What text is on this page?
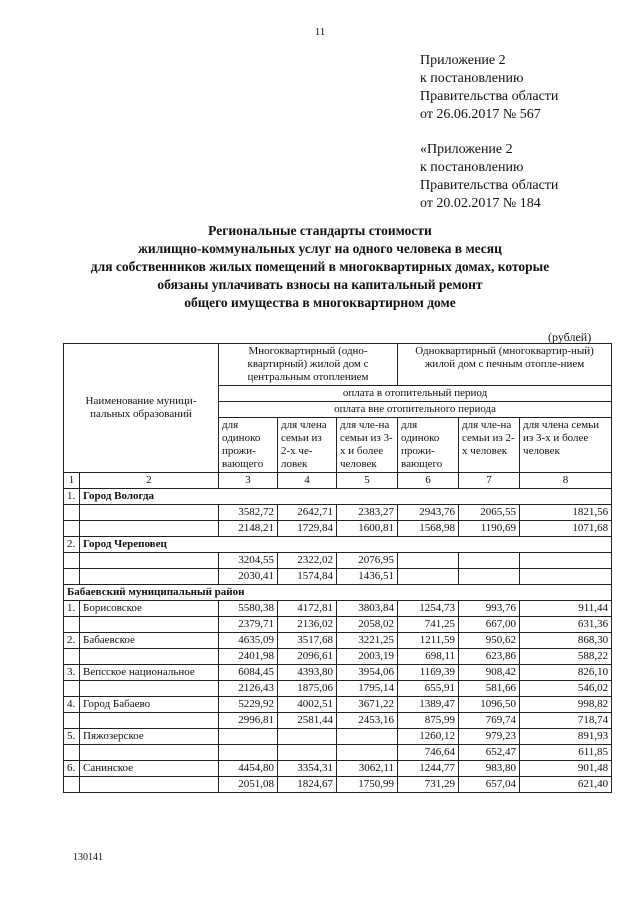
11
Приложение 2
к постановлению
Правительства области
от 26.06.2017 № 567
«Приложение 2
к постановлению
Правительства области
от 20.02.2017 № 184
Региональные стандарты стоимости
жилищно-коммунальных услуг на одного человека в месяц
для собственников жилых помещений в многоквартирных домах, которые
обязаны уплачивать взносы на капитальный ремонт
общего имущества в многоквартирном доме
(рублей)
Наименование муници-пальных образований		Многоквартирный (одно-квартирный) жилой дом с центральным отоплением			Одноквартирный (многоквартир-ный) жилой дом с печным отопле-нием		
		оплата в отопительный период					
		оплата вне отопительного периода					
		для одиноко прожи-вающего	для члена семьи из 2-х че-ловек	для чле-на семьи из 3-х и более человек	для одиноко прожи-вающего	для чле-на семьи из 2-х человек	для члена семьи из 3-х и более человек
1	2	3	4	5	6	7	8
1.	Город Вологда						
		3582,72	2642,71	2383,27	2943,76	2065,55	1821,56
		2148,21	1729,84	1600,81	1568,98	1190,69	1071,68
2.	Город Череповец						
		3204,55	2322,02	2076,95			
		2030,41	1574,84	1436,51			
Бабаевский муниципальный район							
1.	Борисовское	5580,38	4172,81	3803,84	1254,73	993,76	911,44
		2379,71	2136,02	2058,02	741,25	667,00	631,36
2.	Бабаевское	4635,09	3517,68	3221,25	1211,59	950,62	868,30
		2401,98	2096,61	2003,19	698,11	623,86	588,22
3.	Вепсское национальное	6084,45	4393,80	3954,06	1169,39	908,42	826,10
		2126,43	1875,06	1795,14	655,91	581,66	546,02
4.	Город Бабаево	5229,92	4002,51	3671,22	1389,47	1096,50	998,82
		2996,81	2581,44	2453,16	875,99	769,74	718,74
5.	Пяжозерское				1260,12	979,23	891,93
					746,64	652,47	611,85
6.	Санинское	4454,80	3354,31	3062,11	1244,77	983,80	901,48
		2051,08	1824,67	1750,99	731,29	657,04	621,40
130141
